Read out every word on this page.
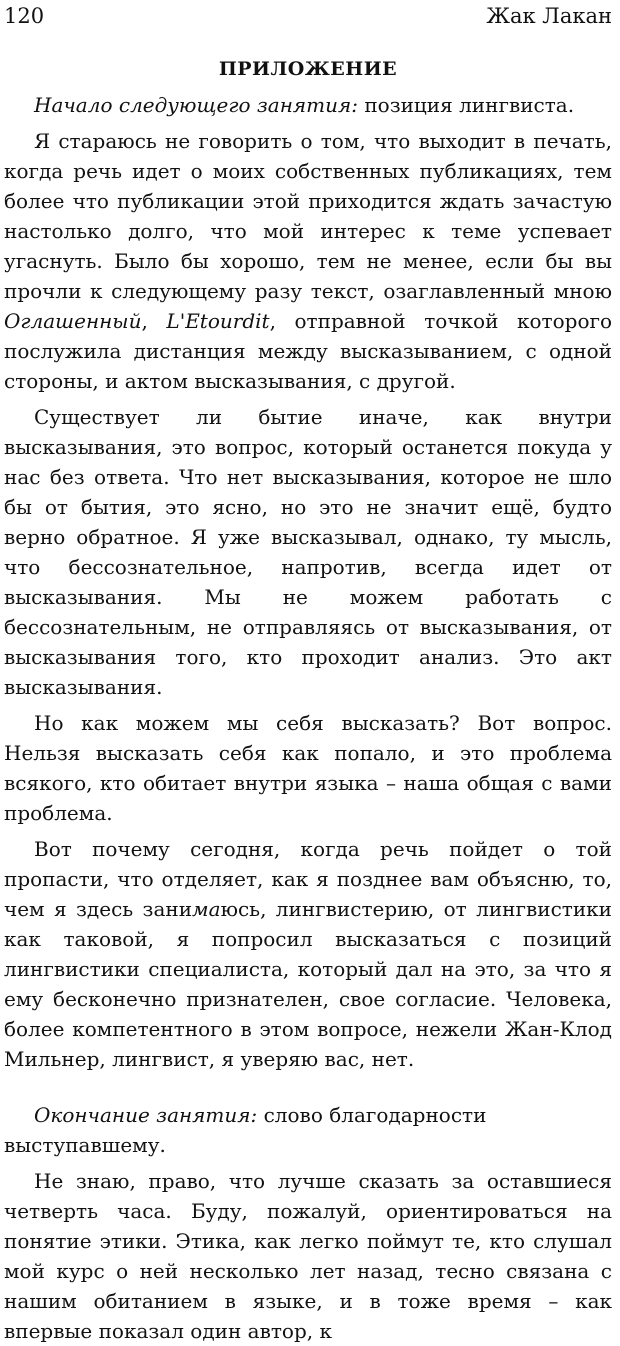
120	Жак Лакан
ПРИЛОЖЕНИЕ

Начало следующего занятия: позиция лингвиста.

Я стараюсь не говорить о том, что выходит в печать, когда речь идет о моих собственных публикациях, тем более что публикации этой приходится ждать зачастую настолько долго, что мой интерес к теме успевает угаснуть. Было бы хорошо, тем не менее, если бы вы прочли к следующему разу текст, озаглавленный мною Оглашенный, L'Etourdit, отправной точкой которого послужила дистанция между высказыванием, с одной стороны, и актом высказывания, с другой.

Существует ли бытие иначе, как внутри высказывания, это вопрос, который останется покуда у нас без ответа. Что нет высказывания, которое не шло бы от бытия, это ясно, но это не значит ещё, будто верно обратное. Я уже высказывал, однако, ту мысль, что бессознательное, напротив, всегда идет от высказывания. Мы не можем работать с бессознательным, не отправляясь от высказывания, от высказывания того, кто проходит анализ. Это акт высказывания.

Но как можем мы себя высказать? Вот вопрос. Нельзя высказать себя как попало, и это проблема всякого, кто обитает внутри языка – наша общая с вами проблема.

Вот почему сегодня, когда речь пойдет о той пропасти, что отделяет, как я позднее вам объясню, то, чем я здесь занимаюсь, лингвистерию, от лингвистики как таковой, я попросил высказаться с позиций лингвистики специалиста, который дал на это, за что я ему бесконечно признателен, свое согласие. Человека, более компетентного в этом вопросе, нежели Жан-Клод Мильнер, лингвист, я уверяю вас, нет.

Окончание занятия: слово благодарности выступавшему.

Не знаю, право, что лучше сказать за оставшиеся четверть часа. Буду, пожалуй, ориентироваться на понятие этики. Этика, как легко поймут те, кто слушал мой курс о ней несколько лет назад, тесно связана с нашим обитанием в языке, и в тоже время – как впервые показал один автор, к
